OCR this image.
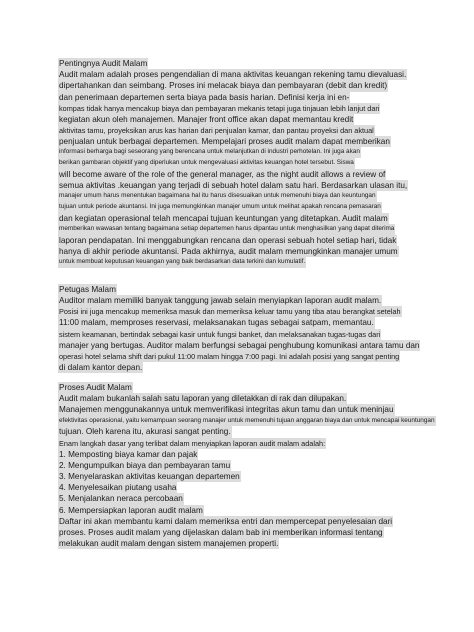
Pentingnya Audit Malam
Audit malam adalah proses pengendalian di mana aktivitas keuangan rekening tamu dievaluasi.
dipertahankan dan seimbang. Proses ini melacak biaya dan pembayaran (debit dan kredit)
dan penerimaan departemen serta biaya pada basis harian. Definisi kerja ini en-
kompas tidak hanya mencakup biaya dan pembayaran mekanis tetapi juga tinjauan lebih lanjut dari
kegiatan akun oleh manajemen. Manajer front office akan dapat memantau kredit
aktivitas tamu, proyeksikan arus kas harian dari penjualan kamar, dan pantau proyeksi dan aktual
penjualan untuk berbagai departemen. Mempelajari proses audit malam dapat memberikan
informasi berharga bagi seseorang yang berencana untuk melanjutkan di industri perhotelan. Ini juga akan
berikan gambaran objektif yang diperlukan untuk mengevaluasi aktivitas keuangan hotel tersebut. Siswa
will become aware of the role of the general manager, as the night audit allows a review of
semua aktivitas .keuangan yang terjadi di sebuah hotel dalam satu hari. Berdasarkan ulasan itu,
manajer umum harus menentukan bagaimana hal itu harus disesuaikan untuk memenuhi biaya dan keuntungan
tujuan untuk periode akuntansi. Ini juga memungkinkan manajer umum untuk melihat apakah rencana pemasaran
dan kegiatan operasional telah mencapai tujuan keuntungan yang ditetapkan. Audit malam
memberikan wawasan tentang bagaimana setiap departemen harus dipantau untuk menghasilkan yang dapat diterima
laporan pendapatan. Ini menggabungkan rencana dan operasi sebuah hotel setiap hari, tidak
hanya di akhir periode akuntansi. Pada akhirnya, audit malam memungkinkan manajer umum
untuk membuat keputusan keuangan yang baik berdasarkan data terkini dan kumulatif.
Petugas Malam
Auditor malam memiliki banyak tanggung jawab selain menyiapkan laporan audit malam.
Posisi ini juga mencakup memeriksa masuk dan memeriksa keluar tamu yang tiba atau berangkat setelah
11:00 malam, memproses reservasi, melaksanakan tugas sebagai satpam, memantau.
sistem keamanan, bertindak sebagai kasir untuk fungsi banket, dan melaksanakan tugas-tugas dari
manajer yang bertugas. Auditor malam berfungsi sebagai penghubung komunikasi antara tamu dan
operasi hotel selama shift dari pukul 11:00 malam hingga 7:00 pagi. Ini adalah posisi yang sangat penting
di dalam kantor depan.
Proses Audit Malam
Audit malam bukanlah salah satu laporan yang diletakkan di rak dan dilupakan.
Manajemen menggunakannya untuk memverifikasi integritas akun tamu dan untuk meninjau
efektivitas operasional, yaitu kemampuan seorang manajer untuk memenuhi tujuan anggaran biaya dan untuk mencapai keuntungan
tujuan. Oleh karena itu, akurasi sangat penting.
Enam langkah dasar yang terlibat dalam menyiapkan laporan audit malam adalah:
1. Memposting biaya kamar dan pajak
2. Mengumpulkan biaya dan pembayaran tamu
3. Menyelaraskan aktivitas keuangan departemen
4. Menyelesaikan piutang usaha
5. Menjalankan neraca percobaan
6. Mempersiapkan laporan audit malam
Daftar ini akan membantu kami dalam memeriksa entri dan mempercepat penyelesaian dari
proses. Proses audit malam yang dijelaskan dalam bab ini memberikan informasi tentang
melakukan audit malam dengan sistem manajemen properti.
